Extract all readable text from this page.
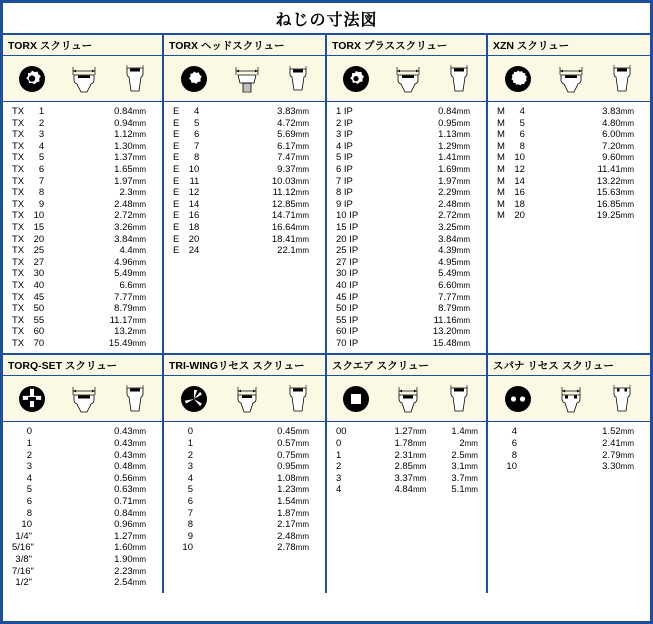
ねじの寸法図
TORX スクリュー
TX	1	0.84mm
TX	2	0.94mm
TX	3	1.12mm
TX	4	1.30mm
TX	5	1.37mm
TX	6	1.65mm
TX	7	1.97mm
TX	8	2.3mm
TX	9	2.48mm
TX 10	2.72mm
TX 15	3.26mm
TX 20	3.84mm
TX 25	4.4mm
TX 27	4.96mm
TX 30	5.49mm
TX 40	6.6mm
TX 45	7.77mm
TX 50	8.79mm
TX 55	11.17mm
TX 60	13.2mm
TX 70	15.49mm
TORX ヘッドスクリュー
E	4	3.83mm
E	5	4.72mm
E	6	5.69mm
E	7	6.17mm
E	8	7.47mm
E 10	9.37mm
E	11	10.03mm
E 12	11.12mm
E 14	12.85mm
E 16	14.71mm
E 18	16.64mm
E 20	18.41mm
E 24	22.1mm
TORX プラススクリュー
1 IP	0.84mm
2 IP	0.95mm
3 IP	1.13mm
4 IP	1.29mm
5 IP	1.41mm
6 IP	1.69mm
7 IP	1.97mm
8 IP	2.29mm
9 IP	2.48mm
10 IP	2.72mm
15 IP	3.25mm
20 IP	3.84mm
25 IP	4.39mm
27 IP	4.95mm
30 IP	5.49mm
40 IP	6.60mm
45 IP	7.77mm
50 IP	8.79mm
55 IP	11.16mm
60 IP	13.20mm
70 IP	15.48mm
XZN スクリュー
M	4	3.83mm
M	5	4.80mm
M	6	6.00mm
M	8	7.20mm
M 10	9.60mm
M 12	11.41mm
M 14	13.22mm
M 16	15.63mm
M 18	16.85mm
M 20	19.25mm
TORQ-SET スクリュー
0	0.43mm
1	0.43mm
2	0.43mm
3	0.48mm
4	0.56mm
5	0.63mm
6	0.71mm
8	0.84mm
10	0.96mm
1/4"	1.27mm
5/16"	1.60mm
3/8"	1.90mm
7/16"	2.23mm
1/2"	2.54mm
TRI-WINGリセス スクリュー
0	0.45mm
1	0.57mm
2	0.75mm
3	0.95mm
4	1.08mm
5	1.23mm
6	1.54mm
7	1.87mm
8	2.17mm
9	2.48mm
10	2.78mm
スクエア スクリュー
00	1.27mm	1.4mm
0	1.78mm	2mm
1	2.31mm	2.5mm
2	2.85mm	3.1mm
3	3.37mm	3.7mm
4	4.84mm	5.1mm
スパナ リセス スクリュー
4	1.52mm
6	2.41mm
8	2.79mm
10	3.30mm
